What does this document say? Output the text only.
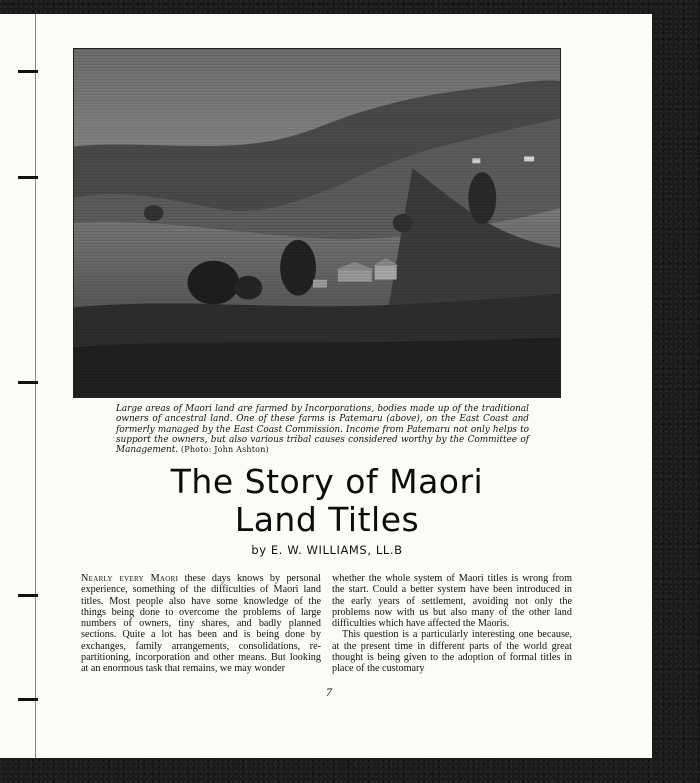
Large areas of Maori land are farmed by Incorporations, bodies made up of the traditional owners of ancestral land. One of these farms is Patemaru (above), on the East Coast and formerly managed by the East Coast Commission. Income from Patemaru not only helps to support the owners, but also various tribal causes considered worthy by the Committee of Management. (Photo: John Ashton)
The Story of Maori
Land Titles
by E. W. WILLIAMS, LL.B

Nearly every Maori these days knows by personal experience, something of the difficulties of Maori land titles. Most people also have some knowledge of the things being done to overcome the problems of large numbers of owners, tiny shares, and badly planned sections. Quite a lot has been and is being done by exchanges, family arrangements, consolidations, re-partitioning, incorporation and other means. But looking at an enormous task that remains, we may wonder

whether the whole system of Maori titles is wrong from the start. Could a better system have been introduced in the early years of settlement, avoiding not only the problems now with us but also many of the other land difficulties which have affected the Maoris.

This question is a particularly interesting one because, at the present time in different parts of the world great thought is being given to the adoption of formal titles in place of the customary

7
